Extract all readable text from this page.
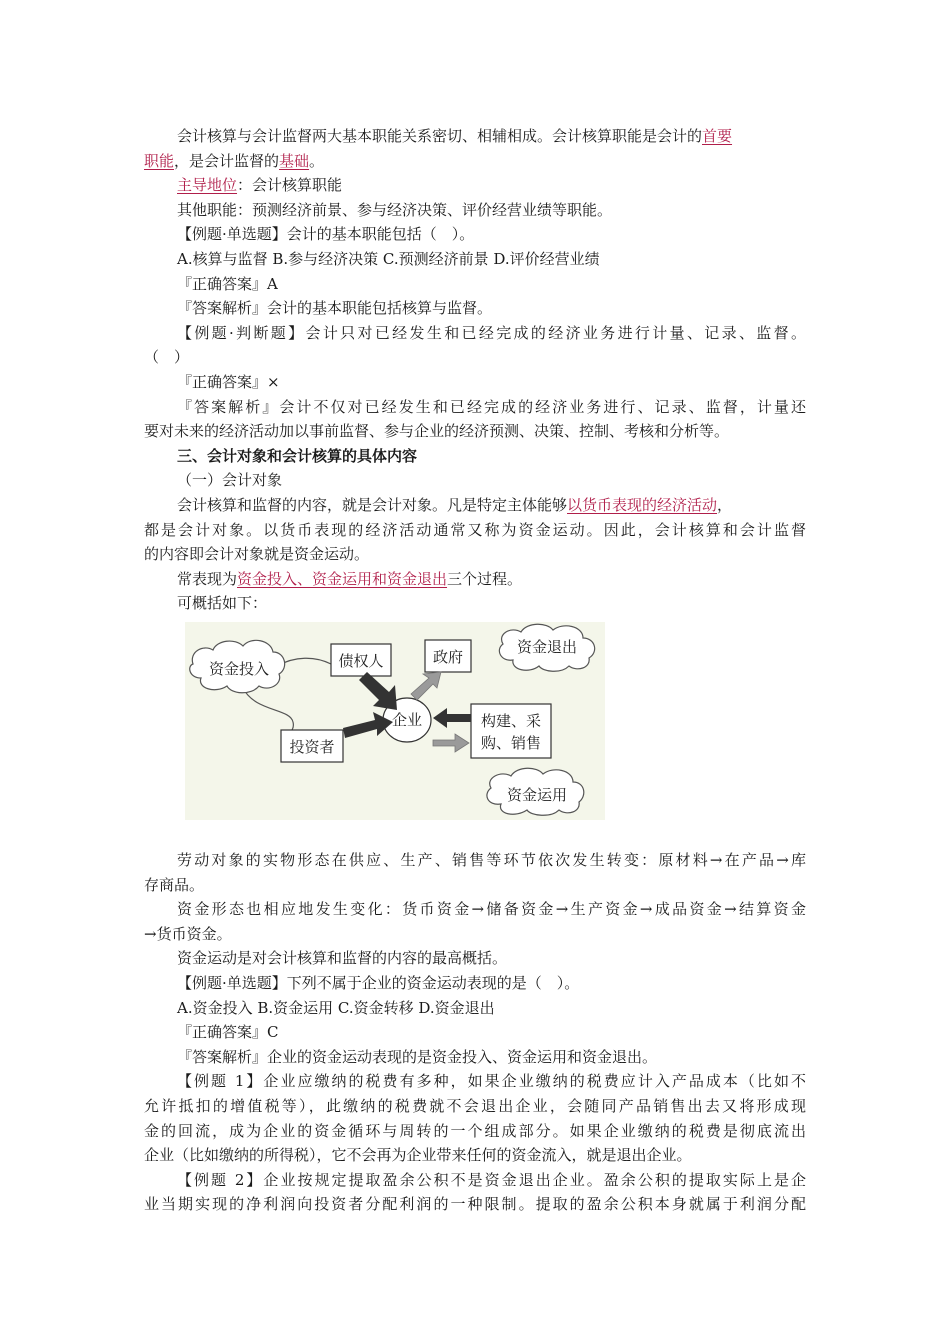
会计核算与会计监督两大基本职能关系密切、相辅相成。会计核算职能是会计的首要
职能，是会计监督的基础。
主导地位：会计核算职能
其他职能：预测经济前景、参与经济决策、评价经营业绩等职能。
【例题·单选题】会计的基本职能包括（　）。
A.核算与监督 B.参与经济决策 C.预测经济前景 D.评价经营业绩
『正确答案』A
『答案解析』会计的基本职能包括核算与监督。
【例题·判断题】会计只对已经发生和已经完成的经济业务进行计量、记录、监督。
（　）
『正确答案』×
『答案解析』会计不仅对已经发生和已经完成的经济业务进行、记录、监督，计量还
要对未来的经济活动加以事前监督、参与企业的经济预测、决策、控制、考核和分析等。
三、会计对象和会计核算的具体内容
（一）会计对象
会计核算和监督的内容，就是会计对象。凡是特定主体能够以货币表现的经济活动，
都是会计对象。以货币表现的经济活动通常又称为资金运动。因此，会计核算和会计监督
的内容即会计对象就是资金运动。
常表现为资金投入、资金运用和资金退出三个过程。
可概括如下：
劳动对象的实物形态在供应、生产、销售等环节依次发生转变：原材料→在产品→库
存商品。
资金形态也相应地发生变化：货币资金→储备资金→生产资金→成品资金→结算资金
→货币资金。
资金运动是对会计核算和监督的内容的最高概括。
【例题·单选题】下列不属于企业的资金运动表现的是（　）。
A.资金投入 B.资金运用 C.资金转移 D.资金退出
『正确答案』C
『答案解析』企业的资金运动表现的是资金投入、资金运用和资金退出。
【例题 1】企业应缴纳的税费有多种，如果企业缴纳的税费应计入产品成本（比如不
允许抵扣的增值税等），此缴纳的税费就不会退出企业，会随同产品销售出去又将形成现
金的回流，成为企业的资金循环与周转的一个组成部分。如果企业缴纳的税费是彻底流出
企业（比如缴纳的所得税），它不会再为企业带来任何的资金流入，就是退出企业。
【例题 2】企业按规定提取盈余公积不是资金退出企业。盈余公积的提取实际上是企
业当期实现的净利润向投资者分配利润的一种限制。提取的盈余公积本身就属于利润分配
资金投入
资金退出
资金运用
债权人
投资者
政府
企业	构建、采
购、销售
